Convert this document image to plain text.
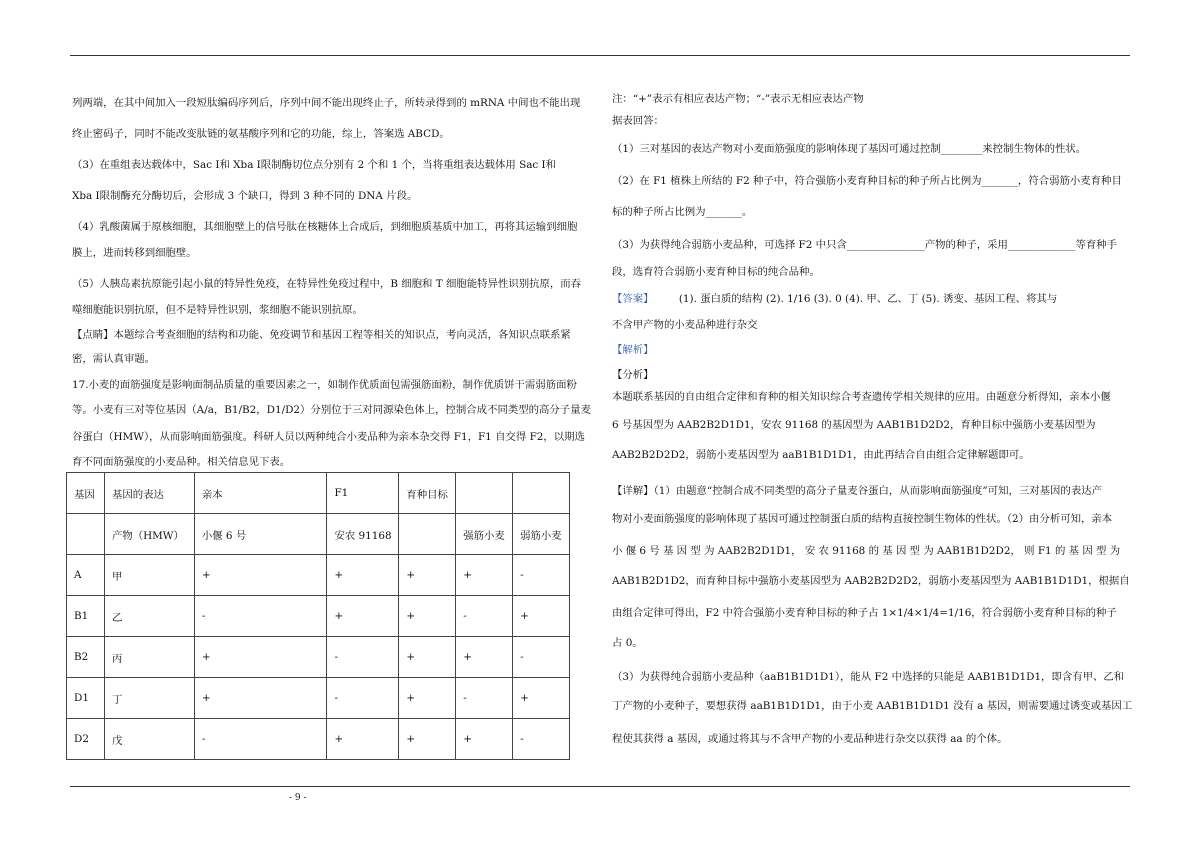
列两端，在其中间加入一段短肽编码序列后，序列中间不能出现终止子，所转录得到的 mRNA 中间也不能出现
终止密码子，同时不能改变肽链的氨基酸序列和它的功能，综上，答案选 ABCD。
（3）在重组表达载体中，Sac Ⅰ和 Xba Ⅰ限制酶切位点分别有 2 个和 1 个，当将重组表达载体用 Sac Ⅰ和
Xba Ⅰ限制酶充分酶切后，会形成 3 个缺口，得到 3 种不同的 DNA 片段。
（4）乳酸菌属于原核细胞，其细胞壁上的信号肽在核糖体上合成后，到细胞质基质中加工，再将其运输到细胞
膜上，进而转移到细胞壁。
（5）人胰岛素抗原能引起小鼠的特异性免疫，在特异性免疫过程中，B 细胞和 T 细胞能特异性识别抗原，而吞
噬细胞能识别抗原，但不是特异性识别，浆细胞不能识别抗原。
【点睛】本题综合考查细胞的结构和功能、免疫调节和基因工程等相关的知识点，考向灵活，各知识点联系紧
密，需认真审题。
17.小麦的面筋强度是影响面制品质量的重要因素之一，如制作优质面包需强筋面粉，制作优质饼干需弱筋面粉
等。小麦有三对等位基因（A/a，B1/B2，D1/D2）分别位于三对同源染色体上，控制合成不同类型的高分子量麦
谷蛋白（HMW），从而影响面筋强度。科研人员以两种纯合小麦品种为亲本杂交得 F1，F1 自交得 F2，以期选
育不同面筋强度的小麦品种。相关信息见下表。
基因	基因的表达	亲本	F1	育种目标		
	产物（HMW）	小偃 6 号	安农 91168		强筋小麦	弱筋小麦
A	甲	+	+	+	+	-
B1	乙	-	+	+	-	+
B2	丙	+	-	+	+	-
D1	丁	+	-	+	-	+
D2	戊	-	+	+	+	-
注：“+”表示有相应表达产物；“-”表示无相应表达产物
据表回答：
（1）三对基因的表达产物对小麦面筋强度的影响体现了基因可通过控制________来控制生物体的性状。
（2）在 F1 植株上所结的 F2 种子中，符合强筋小麦育种目标的种子所占比例为_______，符合弱筋小麦育种目
标的种子所占比例为_______。
（3）为获得纯合弱筋小麦品种，可选择 F2 中只含_______________产物的种子，采用_____________等育种手
段，选育符合弱筋小麦育种目标的纯合品种。
【答案】 (1). 蛋白质的结构 (2). 1/16 (3). 0 (4). 甲、乙、丁 (5). 诱变、基因工程、将其与
不含甲产物的小麦品种进行杂交
【解析】
【分析】
本题联系基因的自由组合定律和育种的相关知识综合考查遗传学相关规律的应用。由题意分析得知，亲本小偃
6 号基因型为 AAB2B2D1D1，安农 91168 的基因型为 AAB1B1D2D2，育种目标中强筋小麦基因型为
AAB2B2D2D2，弱筋小麦基因型为 aaB1B1D1D1，由此再结合自由组合定律解题即可。
【详解】（1）由题意“控制合成不同类型的高分子量麦谷蛋白，从而影响面筋强度”可知，三对基因的表达产
物对小麦面筋强度的影响体现了基因可通过控制蛋白质的结构直接控制生物体的性状。（2）由分析可知，亲本
小 偃 6 号 基 因 型 为 AAB2B2D1D1， 安 农 91168 的 基 因 型 为 AAB1B1D2D2， 则 F1 的 基 因 型 为
AAB1B2D1D2，而育种目标中强筋小麦基因型为 AAB2B2D2D2，弱筋小麦基因型为 AAB1B1D1D1，根据自
由组合定律可得出，F2 中符合强筋小麦育种目标的种子占 1×1/4×1/4=1/16，符合弱筋小麦育种目标的种子
占 0。
（3）为获得纯合弱筋小麦品种（aaB1B1D1D1），能从 F2 中选择的只能是 AAB1B1D1D1，即含有甲、乙和
丁产物的小麦种子，要想获得 aaB1B1D1D1，由于小麦 AAB1B1D1D1 没有 a 基因，则需要通过诱变或基因工
程使其获得 a 基因，或通过将其与不含甲产物的小麦品种进行杂交以获得 aa 的个体。
- 9 -
